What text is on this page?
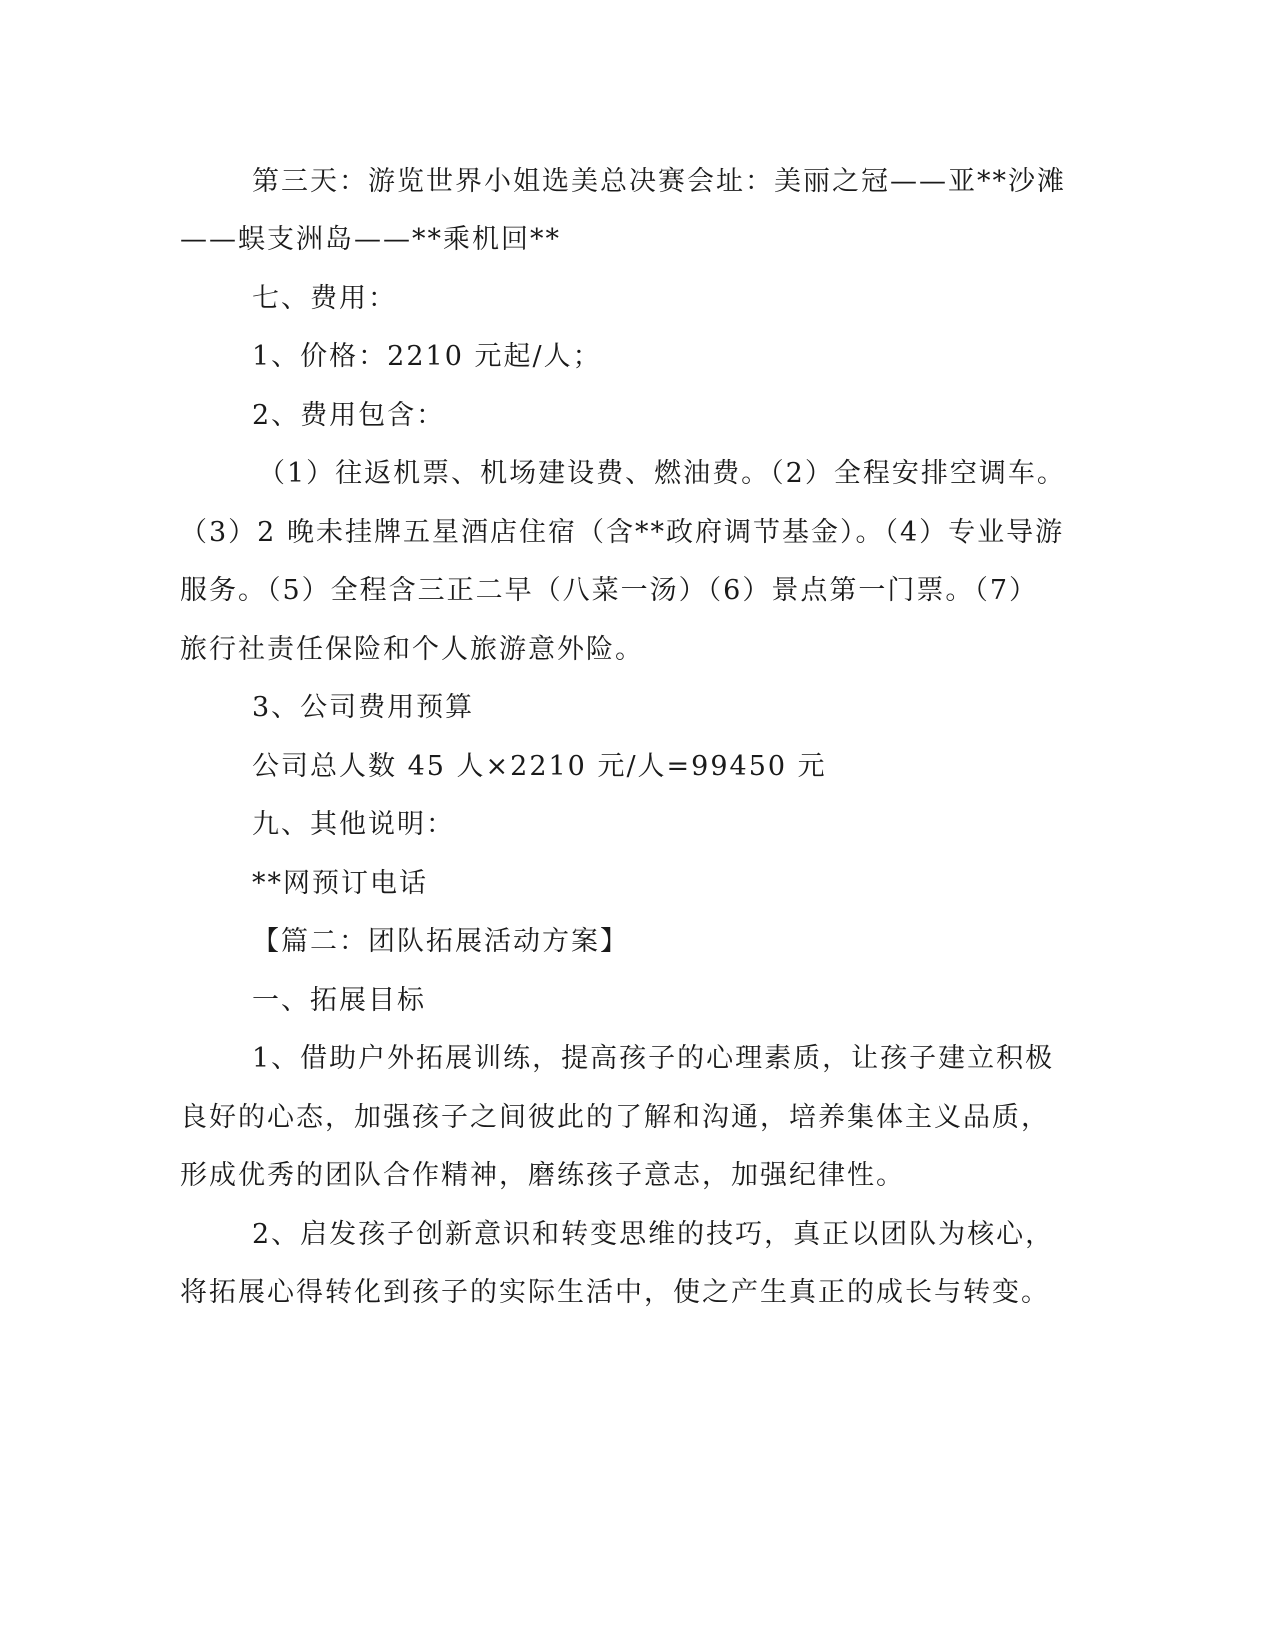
第三天：游览世界小姐选美总决赛会址：美丽之冠——亚**沙滩
——蜈支洲岛——**乘机回**
七、费用：
1、价格：2210 元起/人；
2、费用包含：
（1）往返机票、机场建设费、燃油费。（2）全程安排空调车。
（3）2 晚未挂牌五星酒店住宿（含**政府调节基金）。（4）专业导游
服务。（5）全程含三正二早（八菜一汤）（6）景点第一门票。（7）
旅行社责任保险和个人旅游意外险。
3、公司费用预算
公司总人数 45 人×2210 元/人=99450 元
九、其他说明：
**网预订电话
【篇二：团队拓展活动方案】
一、拓展目标
1、借助户外拓展训练，提高孩子的心理素质，让孩子建立积极
良好的心态，加强孩子之间彼此的了解和沟通，培养集体主义品质，
形成优秀的团队合作精神，磨练孩子意志，加强纪律性。
2、启发孩子创新意识和转变思维的技巧，真正以团队为核心，
将拓展心得转化到孩子的实际生活中，使之产生真正的成长与转变。
